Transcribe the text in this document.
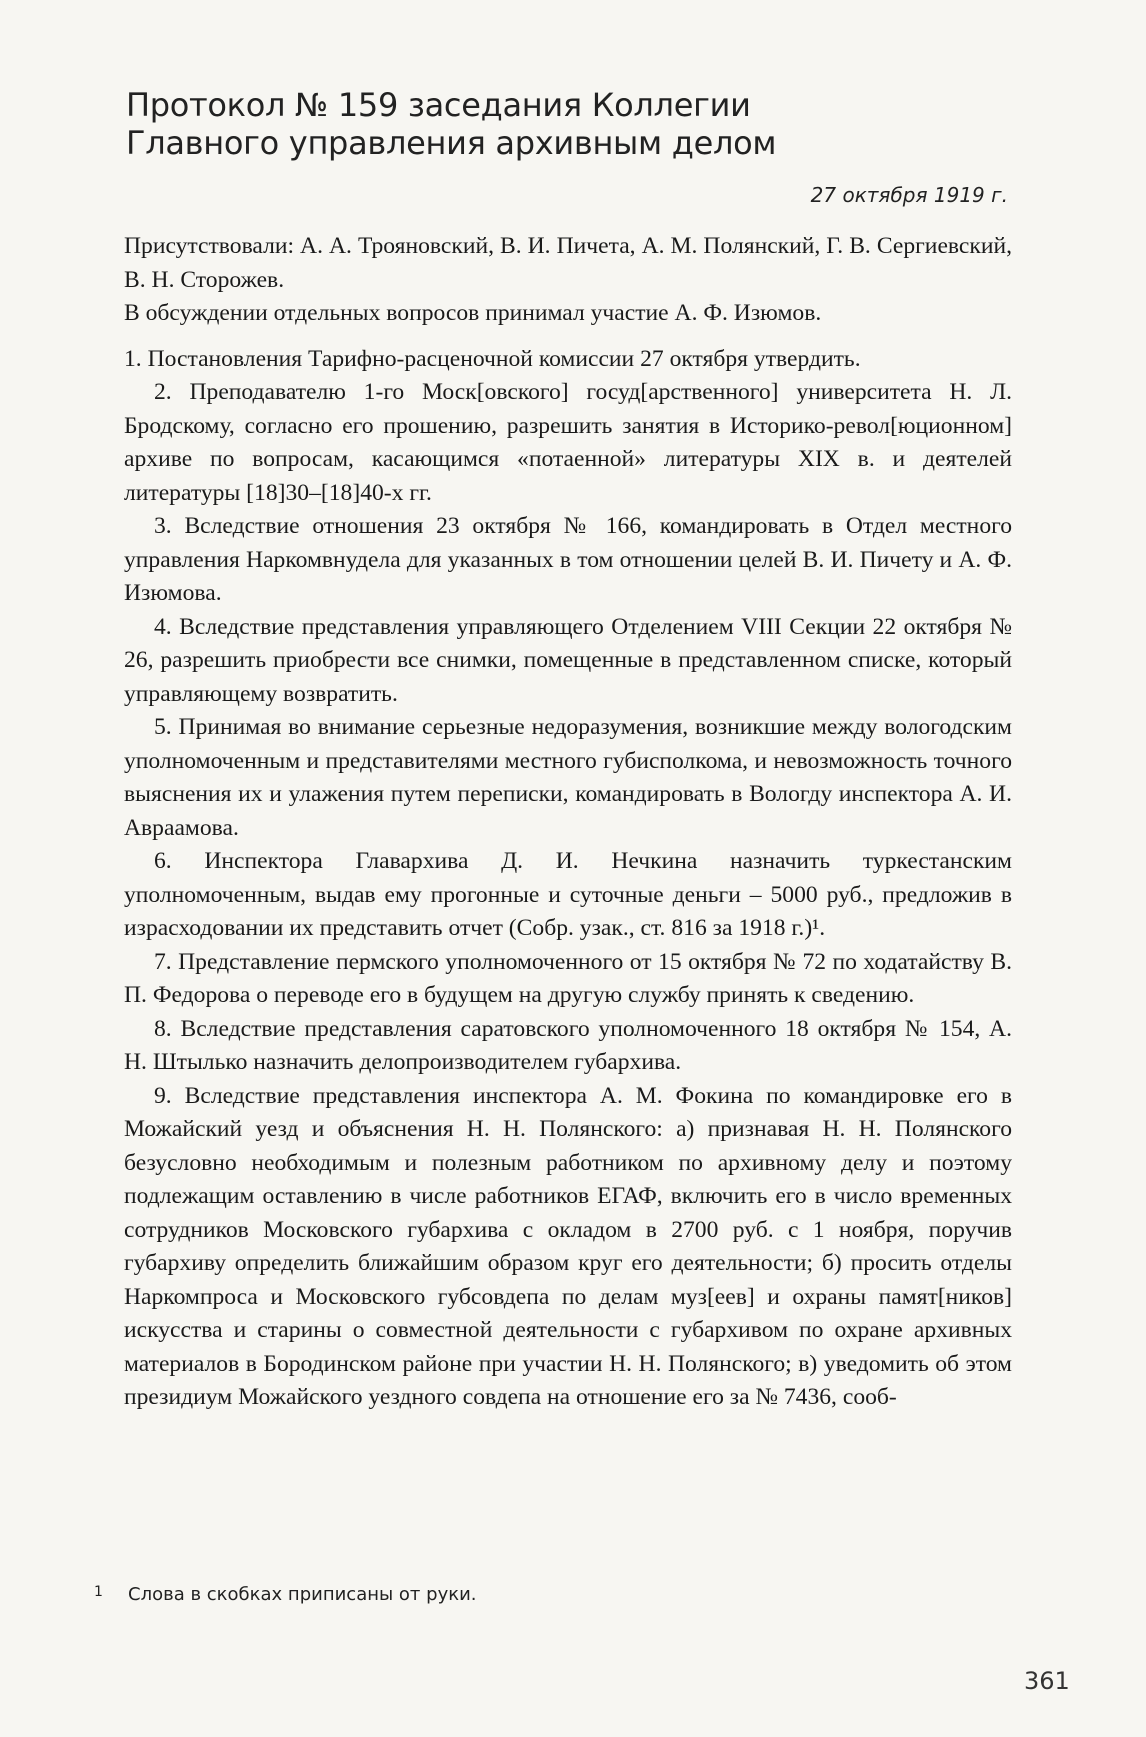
Протокол № 159 заседания Коллегии Главного управления архивным делом
27 октября 1919 г.

Присутствовали: А. А. Трояновский, В. И. Пичета, А. М. Полянский, Г. В. Сергиевский, В. Н. Сторожев.

В обсуждении отдельных вопросов принимал участие А. Ф. Изюмов.

1. Постановления Тарифно-расценочной комиссии 27 октября утвердить.

2. Преподавателю 1-го Моск[овского] госуд[арственного] университета Н. Л. Бродскому, согласно его прошению, разрешить занятия в Историко-револ[юционном] архиве по вопросам, касающимся «потаенной» литературы XIX в. и деятелей литературы [18]30–[18]40-х гг.

3. Вследствие отношения 23 октября № 166, командировать в Отдел местного управления Наркомвнудела для указанных в том отношении целей В. И. Пичету и А. Ф. Изюмова.

4. Вследствие представления управляющего Отделением VIII Секции 22 октября № 26, разрешить приобрести все снимки, помещенные в представленном списке, который управляющему возвратить.

5. Принимая во внимание серьезные недоразумения, возникшие между вологодским уполномоченным и представителями местного губисполкома, и невозможность точного выяснения их и улажения путем переписки, командировать в Вологду инспектора А. И. Авраамова.

6. Инспектора Главархива Д. И. Нечкина назначить туркестанским уполномоченным, выдав ему прогонные и суточные деньги – 5000 руб., предложив в израсходовании их представить отчет (Собр. узак., ст. 816 за 1918 г.)¹.

7. Представление пермского уполномоченного от 15 октября № 72 по ходатайству В. П. Федорова о переводе его в будущем на другую службу принять к сведению.

8. Вследствие представления саратовского уполномоченного 18 октября № 154, А. Н. Штылько назначить делопроизводителем губархива.

9. Вследствие представления инспектора А. М. Фокина по командировке его в Можайский уезд и объяснения Н. Н. Полянского: а) признавая Н. Н. Полянского безусловно необходимым и полезным работником по архивному делу и поэтому подлежащим оставлению в числе работников ЕГАФ, включить его в число временных сотрудников Московского губархива с окладом в 2700 руб. с 1 ноября, поручив губархиву определить ближайшим образом круг его деятельности; б) просить отделы Наркомпроса и Московского губсовдепа по делам муз[еев] и охраны памят[ников] искусства и старины о совместной деятельности с губархивом по охране архивных материалов в Бородинском районе при участии Н. Н. Полянского; в) уведомить об этом президиум Можайского уездного совдепа на отношение его за № 7436, сооб-

1 Слова в скобках приписаны от руки.
361
